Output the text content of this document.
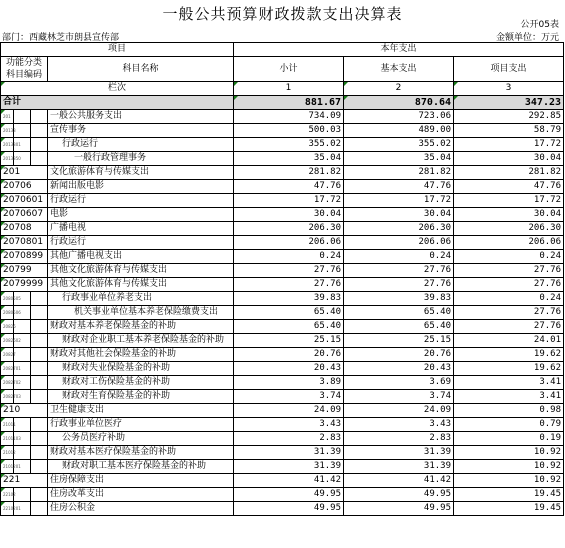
一般公共预算财政拨款支出决算表
公开05表
部门：西藏林芝市朗县宣传部	金额单位：万元
项目				本年支出		
功能分类科目编码			科目名称	小计	基本支出	项目支出
栏次				1	2	3
合计				881.67	870.64	347.23
201			一般公共服务支出	734.09	723.06	292.85
20133			宣传事务	500.03	489.00	58.79
2013301			行政运行	355.02	355.02	17.72
2013350			一般行政管理事务	35.04	35.04	30.04
201			文化旅游体育与传媒支出	281.82	281.82	281.82
20706			新闻出版电影	47.76	47.76	47.76
2070601			行政运行	17.72	17.72	17.72
2070607			电影	30.04	30.04	30.04
20708			广播电视	206.30	206.30	206.30
2070801			行政运行	206.06	206.06	206.06
2070899			其他广播电视支出	0.24	0.24	0.24
20799			其他文化旅游体育与传媒支出	27.76	27.76	27.76
2079999			其他文化旅游体育与传媒支出	27.76	27.76	27.76
2080505			行政事业单位养老支出	39.83	39.83	0.24
2080506			机关事业单位基本养老保险缴费支出	65.40	65.40	27.76
20826			财政对基本养老保险基金的补助	65.40	65.40	27.76
2082602			财政对企业职工基本养老保险基金的补助	25.15	25.15	24.01
20827			财政对其他社会保险基金的补助	20.76	20.76	19.62
2082701			财政对失业保险基金的补助	20.43	20.43	19.62
2082702			财政对工伤保险基金的补助	3.89	3.69	3.41
2082703			财政对生育保险基金的补助	3.74	3.74	3.41
210			卫生健康支出	24.09	24.09	0.98
21011			行政事业单位医疗	3.43	3.43	0.79
2101103			公务员医疗补助	2.83	2.83	0.19
21012			财政对基本医疗保险基金的补助	31.39	31.39	10.92
2101201			财政对职工基本医疗保险基金的补助	31.39	31.39	10.92
221			住房保障支出	41.42	41.42	10.92
22102			住房改革支出	49.95	49.95	19.45
2210201			住房公积金	49.95	49.95	19.45
